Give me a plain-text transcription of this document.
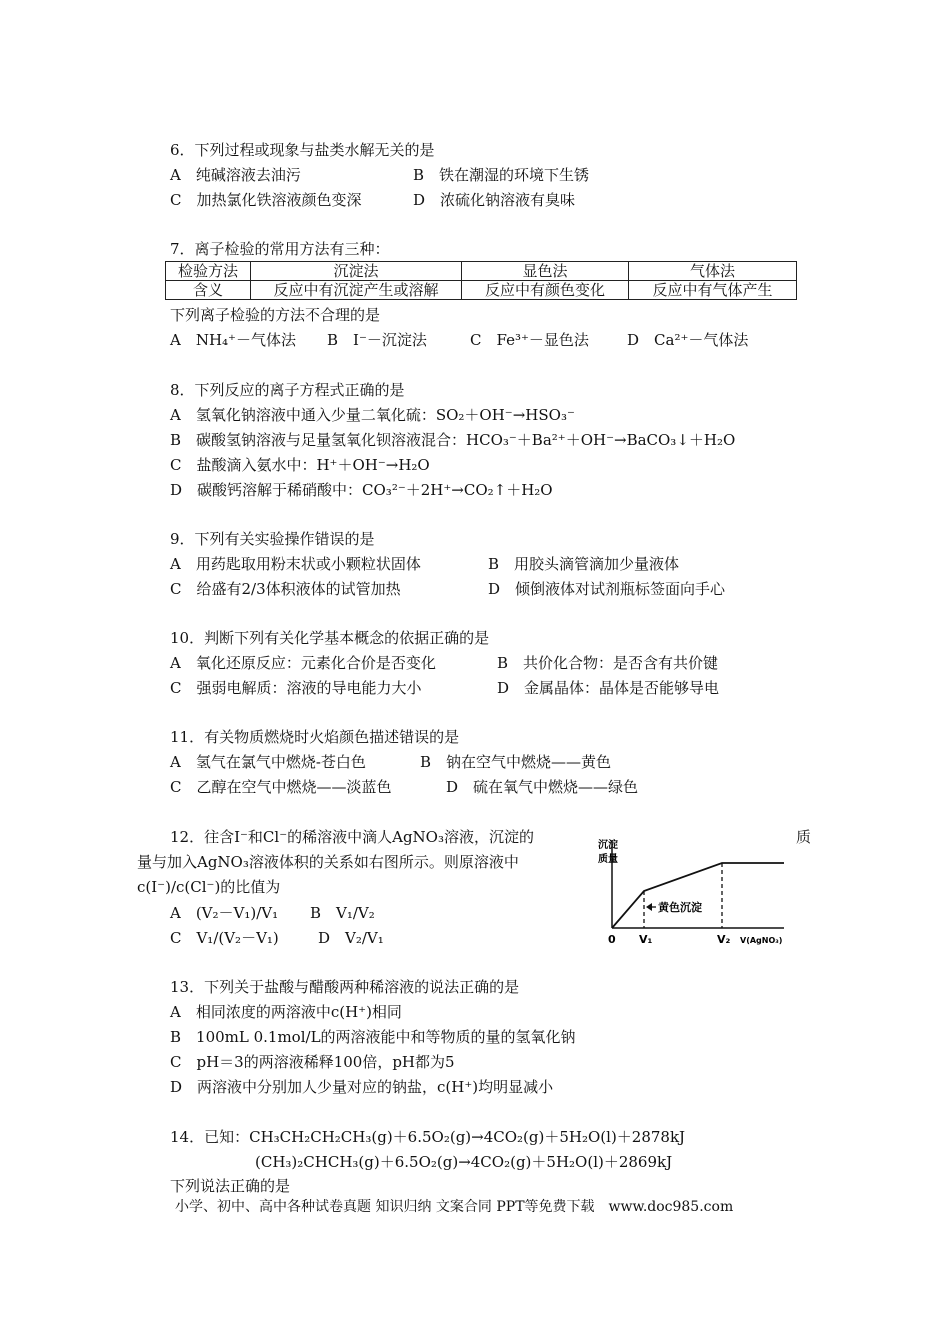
6．下列过程或现象与盐类水解无关的是
A　纯碱溶液去油污	B　铁在潮湿的环境下生锈
C　加热氯化铁溶液颜色变深	D　浓硫化钠溶液有臭味
7．离子检验的常用方法有三种：
检验方法	沉淀法	显色法	气体法
含义	反应中有沉淀产生或溶解	反应中有颜色变化	反应中有气体产生
下列离子检验的方法不合理的是
A　NH₄⁺－气体法 B　I⁻－沉淀法	C　Fe³⁺－显色法	D　Ca²⁺－气体法
8．下列反应的离子方程式正确的是
A　氢氧化钠溶液中通入少量二氧化硫：SO₂＋OH⁻→HSO₃⁻
B　碳酸氢钠溶液与足量氢氧化钡溶液混合：HCO₃⁻＋Ba²⁺＋OH⁻→BaCO₃↓＋H₂O
C　盐酸滴入氨水中：H⁺＋OH⁻→H₂O
D　碳酸钙溶解于稀硝酸中：CO₃²⁻＋2H⁺→CO₂↑＋H₂O
9．下列有关实验操作错误的是
A　用药匙取用粉末状或小颗粒状固体	B　用胶头滴管滴加少量液体
C　给盛有2/3体积液体的试管加热	D　倾倒液体对试剂瓶标签面向手心
10．判断下列有关化学基本概念的依据正确的是
A　氧化还原反应：元素化合价是否变化	B　共价化合物：是否含有共价键
C　强弱电解质：溶液的导电能力大小	D　金属晶体：晶体是否能够导电
11．有关物质燃烧时火焰颜色描述错误的是
A　氢气在氯气中燃烧-苍白色	B　钠在空气中燃烧——黄色
C　乙醇在空气中燃烧——淡蓝色	D　硫在氧气中燃烧——绿色
12．往含I⁻和Cl⁻的稀溶液中滴人AgNO₃溶液，沉淀的	质
量与加入AgNO₃溶液体积的关系如右图所示。则原溶液中
c(I⁻)/c(Cl⁻)的比值为
A　(V₂－V₁)/V₁ B　V₁/V₂
C　V₁/(V₂－V₁)	D　V₂/V₁
沉淀
质量
沉淀质量
黄色沉淀
0 V₁	V₂ V(AgNO₃)
13．下列关于盐酸与醋酸两种稀溶液的说法正确的是
A　相同浓度的两溶液中c(H⁺)相同
B　100mL 0.1mol/L的两溶液能中和等物质的量的氢氧化钠
C　pH＝3的两溶液稀释100倍，pH都为5
D　两溶液中分别加人少量对应的钠盐，c(H⁺)均明显减小
14．已知：CH₃CH₂CH₂CH₃(g)＋6.5O₂(g)→4CO₂(g)＋5H₂O(l)＋2878kJ
(CH₃)₂CHCH₃(g)＋6.5O₂(g)→4CO₂(g)＋5H₂O(l)＋2869kJ
下列说法正确的是
小学、初中、高中各种试卷真题 知识归纳 文案合同 PPT等免费下载　www.doc985.com
